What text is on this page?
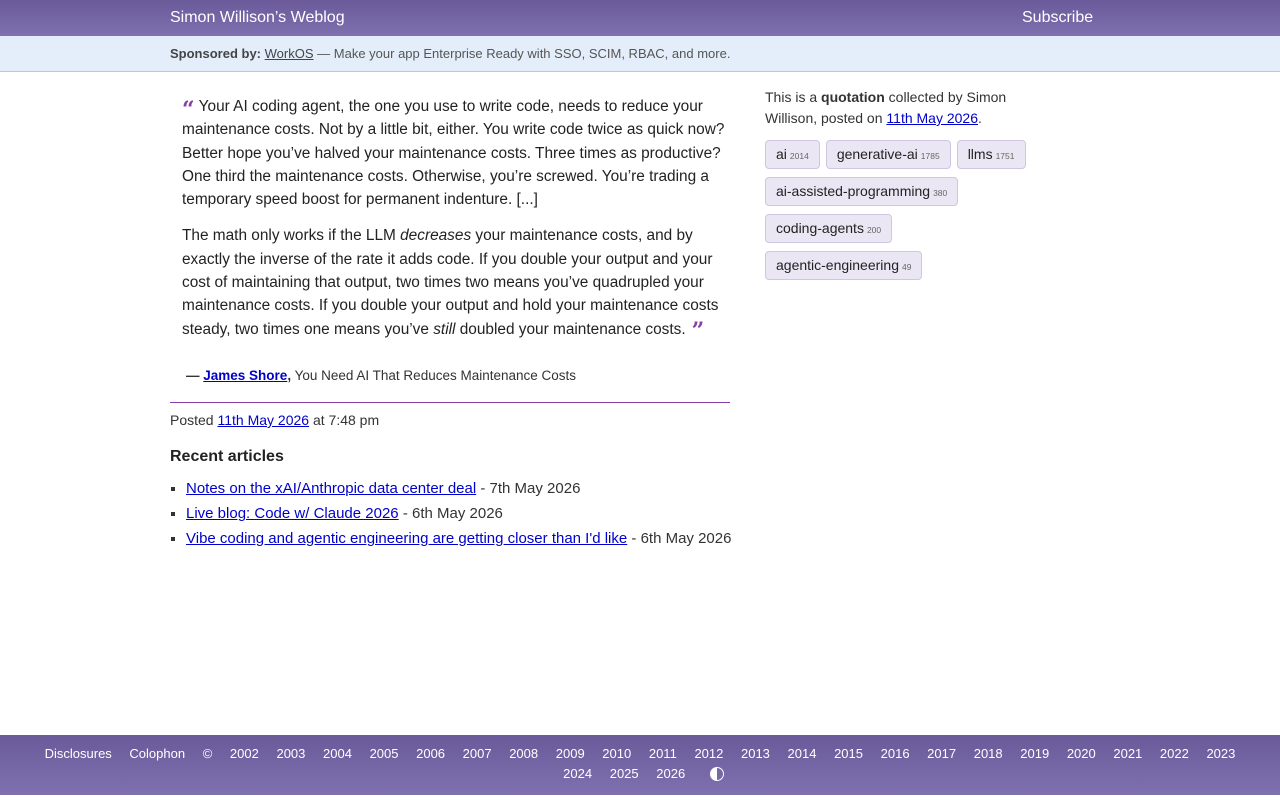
Simon Willison’s Weblog	Subscribe
Sponsored by: WorkOS — Make your app Enterprise Ready with SSO, SCIM, RBAC, and more.

“ Your AI coding agent, the one you use to write code, needs to reduce your maintenance costs. Not by a little bit, either. You write code twice as quick now? Better hope you’ve halved your maintenance costs. Three times as productive? One third the maintenance costs. Otherwise, you’re screwed. You’re trading a temporary speed boost for permanent indenture. [...]

The math only works if the LLM decreases your maintenance costs, and by exactly the inverse of the rate it adds code. If you double your output and your cost of maintaining that output, two times two means you’ve quadrupled your maintenance costs. If you double your output and hold your maintenance costs steady, two times one means you’ve still doubled your maintenance costs. ”

— James Shore, You Need AI That Reduces Maintenance Costs
Posted 11th May 2026 at 7:48 pm
Recent articles
▪ Notes on the xAI/Anthropic data center deal - 7th May 2026
▪ Live blog: Code w/ Claude 2026 - 6th May 2026
▪ Vibe coding and agentic engineering are getting closer than I'd like - 6th May 2026
This is a quotation collected by Simon Willison, posted on 11th May 2026.
ai 2014 generative-ai 1785 llms 1751
ai-assisted-programming 380
coding-agents 200
agentic-engineering 49
Disclosures Colophon © 2002 2003 2004 2005 2006 2007 2008 2009 2010 2011 2012 2013 2014 2015 2016 2017 2018 2019 2020 2021 2022 2023
2024 2025 2026
